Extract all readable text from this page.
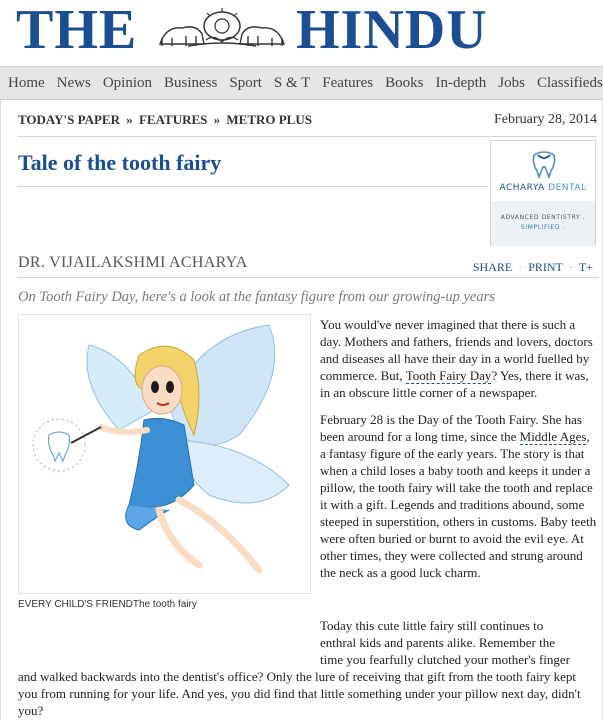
THE	HINDU
Home News Opinion Business Sport S & T Features Books In-depth Jobs Classifieds
TODAY'S PAPER » FEATURES » METRO PLUS	February 28, 2014
Tale of the tooth fairy
ACHARYA DENTAL
ADVANCED DENTISTRY .
SIMPLIFIED .
DR. VIJAILAKSHMI ACHARYA	SHARE · PRINT · T+
On Tooth Fairy Day, here's a look at the fantasy figure from our growing-up years
EVERY CHILD'S FRIENDThe tooth fairy

You would've never imagined that there is such a day. Mothers and fathers, friends and lovers, doctors and diseases all have their day in a world fuelled by commerce. But, Tooth Fairy Day? Yes, there it was, in an obscure little corner of a newspaper.

February 28 is the Day of the Tooth Fairy. She has been around for a long time, since the Middle Ages, a fantasy figure of the early years. The story is that when a child loses a baby tooth and keeps it under a pillow, the tooth fairy will take the tooth and replace it with a gift. Legends and traditions abound, some steeped in superstition, others in customs. Baby teeth were often buried or burnt to avoid the evil eye. At other times, they were collected and strung around the neck as a good luck charm.

Today this cute little fairy still continues to
enthral kids and parents alike. Remember the
time you fearfully clutched your mother's finger
and walked backwards into the dentist's office? Only the lure of receiving that gift from the tooth fairy kept you from running for your life. And yes, you did find that little something under your pillow next day, didn't you?
